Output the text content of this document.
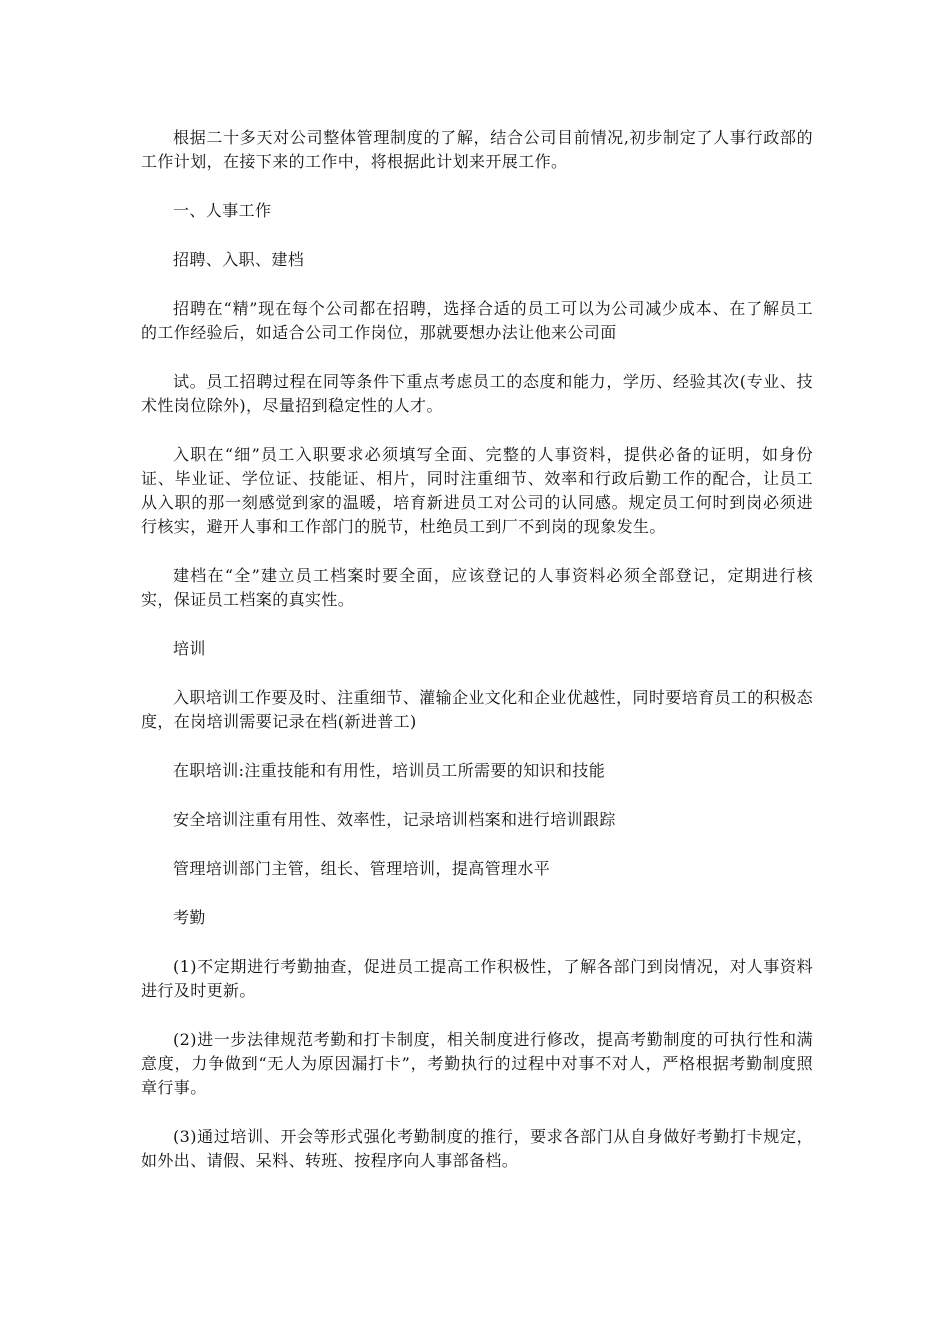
根据二十多天对公司整体管理制度的了解，结合公司目前情况,初步制定了人事行政部的工作计划，在接下来的工作中，将根据此计划来开展工作。

一、人事工作

招聘、入职、建档

招聘在“精”现在每个公司都在招聘，选择合适的员工可以为公司减少成本、在了解员工的工作经验后，如适合公司工作岗位，那就要想办法让他来公司面

试。员工招聘过程在同等条件下重点考虑员工的态度和能力，学历、经验其次(专业、技术性岗位除外)，尽量招到稳定性的人才。

入职在“细”员工入职要求必须填写全面、完整的人事资料，提供必备的证明，如身份证、毕业证、学位证、技能证、相片，同时注重细节、效率和行政后勤工作的配合，让员工从入职的那一刻感觉到家的温暖，培育新进员工对公司的认同感。规定员工何时到岗必须进行核实，避开人事和工作部门的脱节，杜绝员工到厂不到岗的现象发生。

建档在“全”建立员工档案时要全面，应该登记的人事资料必须全部登记，定期进行核实，保证员工档案的真实性。

培训

入职培训工作要及时、注重细节、灌输企业文化和企业优越性，同时要培育员工的积极态度，在岗培训需要记录在档(新进普工)

在职培训:注重技能和有用性，培训员工所需要的知识和技能

安全培训注重有用性、效率性，记录培训档案和进行培训跟踪

管理培训部门主管，组长、管理培训，提高管理水平

考勤

(1)不定期进行考勤抽查，促进员工提高工作积极性，了解各部门到岗情况，对人事资料进行及时更新。

(2)进一步法律规范考勤和打卡制度，相关制度进行修改，提高考勤制度的可执行性和满意度，力争做到“无人为原因漏打卡”，考勤执行的过程中对事不对人，严格根据考勤制度照章行事。

(3)通过培训、开会等形式强化考勤制度的推行，要求各部门从自身做好考勤打卡规定，如外出、请假、呆料、转班、按程序向人事部备档。
